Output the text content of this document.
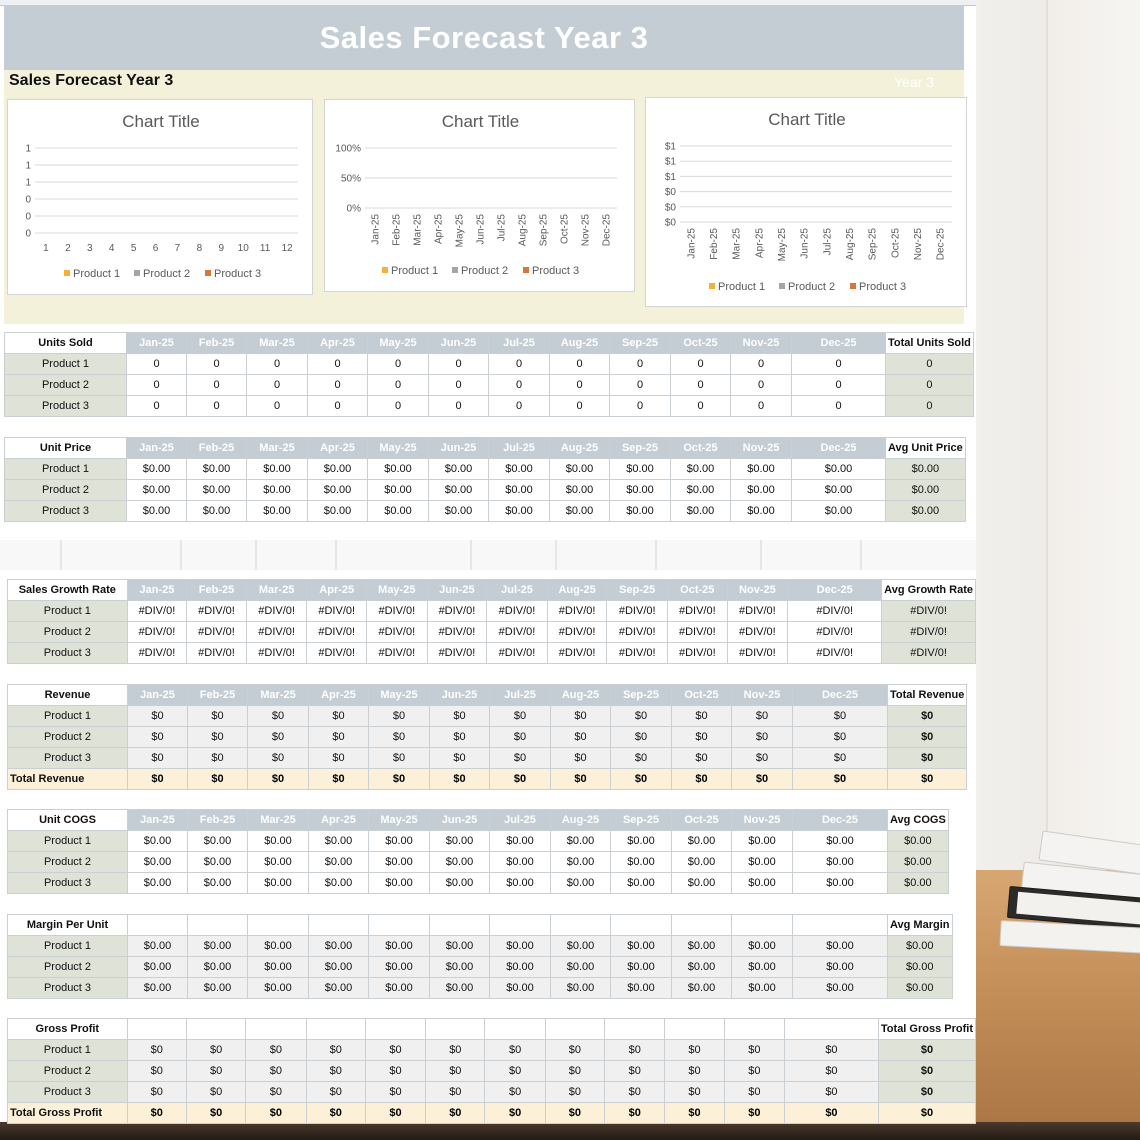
Sales Forecast Year 3
Sales Forecast Year 3	Year 3
Chart Title
1
1
1
0
0
0
1 2 3 4 5 6 7 8 9 10 11 12
Product 1 Product 2 Product 3
Chart Title
100%
50%
0%
Jan-25 Feb-25 Mar-25 Apr-25 May-25 Jun-25 Jul-25 Aug-25 Sep-25 Oct-25 Nov-25 Dec-25
Product 1 Product 2 Product 3
Chart Title
$1
$1
$1
$0
$0
$0
Jan-25 Feb-25 Mar-25 Apr-25 May-25 Jun-25 Jul-25 Aug-25 Sep-25 Oct-25 Nov-25 Dec-25
Product 1 Product 2 Product 3
Units Sold	Jan-25	Feb-25	Mar-25	Apr-25	May-25	Jun-25	Jul-25	Aug-25	Sep-25	Oct-25	Nov-25	Dec-25	Total Units Sold
Product 1	0	0	0	0	0	0	0	0	0	0	0	0	0
Product 2	0	0	0	0	0	0	0	0	0	0	0	0	0
Product 3	0	0	0	0	0	0	0	0	0	0	0	0	0
Unit Price	Jan-25	Feb-25	Mar-25	Apr-25	May-25	Jun-25	Jul-25	Aug-25	Sep-25	Oct-25	Nov-25	Dec-25	Avg Unit Price
Product 1	$0.00	$0.00	$0.00	$0.00	$0.00	$0.00	$0.00	$0.00	$0.00	$0.00	$0.00	$0.00	$0.00
Product 2	$0.00	$0.00	$0.00	$0.00	$0.00	$0.00	$0.00	$0.00	$0.00	$0.00	$0.00	$0.00	$0.00
Product 3	$0.00	$0.00	$0.00	$0.00	$0.00	$0.00	$0.00	$0.00	$0.00	$0.00	$0.00	$0.00	$0.00
Sales Growth Rate	Jan-25	Feb-25	Mar-25	Apr-25	May-25	Jun-25	Jul-25	Aug-25	Sep-25	Oct-25	Nov-25	Dec-25	Avg Growth Rate
Product 1	#DIV/0!	#DIV/0!	#DIV/0!	#DIV/0!	#DIV/0!	#DIV/0!	#DIV/0!	#DIV/0!	#DIV/0!	#DIV/0!	#DIV/0!	#DIV/0!	#DIV/0!
Product 2	#DIV/0!	#DIV/0!	#DIV/0!	#DIV/0!	#DIV/0!	#DIV/0!	#DIV/0!	#DIV/0!	#DIV/0!	#DIV/0!	#DIV/0!	#DIV/0!	#DIV/0!
Product 3	#DIV/0!	#DIV/0!	#DIV/0!	#DIV/0!	#DIV/0!	#DIV/0!	#DIV/0!	#DIV/0!	#DIV/0!	#DIV/0!	#DIV/0!	#DIV/0!	#DIV/0!
Revenue	Jan-25	Feb-25	Mar-25	Apr-25	May-25	Jun-25	Jul-25	Aug-25	Sep-25	Oct-25	Nov-25	Dec-25	Total Revenue
Product 1	$0	$0	$0	$0	$0	$0	$0	$0	$0	$0	$0	$0	$0
Product 2	$0	$0	$0	$0	$0	$0	$0	$0	$0	$0	$0	$0	$0
Product 3	$0	$0	$0	$0	$0	$0	$0	$0	$0	$0	$0	$0	$0
Total Revenue	$0	$0	$0	$0	$0	$0	$0	$0	$0	$0	$0	$0	$0
Unit COGS	Jan-25	Feb-25	Mar-25	Apr-25	May-25	Jun-25	Jul-25	Aug-25	Sep-25	Oct-25	Nov-25	Dec-25	Avg COGS
Product 1	$0.00	$0.00	$0.00	$0.00	$0.00	$0.00	$0.00	$0.00	$0.00	$0.00	$0.00	$0.00	$0.00
Product 2	$0.00	$0.00	$0.00	$0.00	$0.00	$0.00	$0.00	$0.00	$0.00	$0.00	$0.00	$0.00	$0.00
Product 3	$0.00	$0.00	$0.00	$0.00	$0.00	$0.00	$0.00	$0.00	$0.00	$0.00	$0.00	$0.00	$0.00
Margin Per Unit													Avg Margin
Product 1	$0.00	$0.00	$0.00	$0.00	$0.00	$0.00	$0.00	$0.00	$0.00	$0.00	$0.00	$0.00	$0.00
Product 2	$0.00	$0.00	$0.00	$0.00	$0.00	$0.00	$0.00	$0.00	$0.00	$0.00	$0.00	$0.00	$0.00
Product 3	$0.00	$0.00	$0.00	$0.00	$0.00	$0.00	$0.00	$0.00	$0.00	$0.00	$0.00	$0.00	$0.00
Gross Profit													Total Gross Profit
Product 1	$0	$0	$0	$0	$0	$0	$0	$0	$0	$0	$0	$0	$0
Product 2	$0	$0	$0	$0	$0	$0	$0	$0	$0	$0	$0	$0	$0
Product 3	$0	$0	$0	$0	$0	$0	$0	$0	$0	$0	$0	$0	$0
Total Gross Profit	$0	$0	$0	$0	$0	$0	$0	$0	$0	$0	$0	$0	$0
